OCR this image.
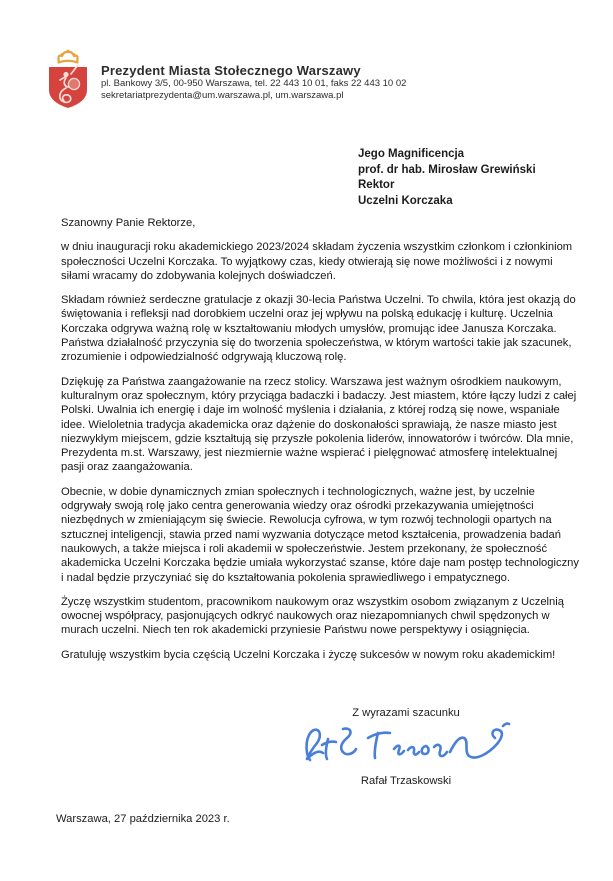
Prezydent Miasta Stołecznego Warszawy
pl. Bankowy 3/5, 00-950 Warszawa, tel. 22 443 10 01, faks 22 443 10 02
sekretariatprezydenta@um.warszawa.pl, um.warszawa.pl
Jego Magnificencja
prof. dr hab. Mirosław Grewiński
Rektor
Uczelni Korczaka
Szanowny Panie Rektorze,

w dniu inauguracji roku akademickiego 2023/2024 składam życzenia wszystkim członkom i członkiniom społeczności Uczelni Korczaka. To wyjątkowy czas, kiedy otwierają się nowe możliwości i z nowymi siłami wracamy do zdobywania kolejnych doświadczeń.

Składam również serdeczne gratulacje z okazji 30-lecia Państwa Uczelni. To chwila, która jest okazją do świętowania i refleksji nad dorobkiem uczelni oraz jej wpływu na polską edukację i kulturę. Uczelnia Korczaka odgrywa ważną rolę w kształtowaniu młodych umysłów, promując idee Janusza Korczaka. Państwa działalność przyczynia się do tworzenia społeczeństwa, w którym wartości takie jak szacunek, zrozumienie i odpowiedzialność odgrywają kluczową rolę.

Dziękuję za Państwa zaangażowanie na rzecz stolicy. Warszawa jest ważnym ośrodkiem naukowym, kulturalnym oraz społecznym, który przyciąga badaczki i badaczy. Jest miastem, które łączy ludzi z całej Polski. Uwalnia ich energię i daje im wolność myślenia i działania, z której rodzą się nowe, wspaniałe idee. Wieloletnia tradycja akademicka oraz dążenie do doskonałości sprawiają, że nasze miasto jest niezwykłym miejscem, gdzie kształtują się przyszłe pokolenia liderów, innowatorów i twórców. Dla mnie, Prezydenta m.st. Warszawy, jest niezmiernie ważne wspierać i pielęgnować atmosferę intelektualnej pasji oraz zaangażowania.

Obecnie, w dobie dynamicznych zmian społecznych i technologicznych, ważne jest, by uczelnie odgrywały swoją rolę jako centra generowania wiedzy oraz ośrodki przekazywania umiejętności niezbędnych w zmieniającym się świecie. Rewolucja cyfrowa, w tym rozwój technologii opartych na sztucznej inteligencji, stawia przed nami wyzwania dotyczące metod kształcenia, prowadzenia badań naukowych, a także miejsca i roli akademii w społeczeństwie. Jestem przekonany, że społeczność akademicka Uczelni Korczaka będzie umiała wykorzystać szanse, które daje nam postęp technologiczny i nadal będzie przyczyniać się do kształtowania pokolenia sprawiedliwego i empatycznego.

Życzę wszystkim studentom, pracownikom naukowym oraz wszystkim osobom związanym z Uczelnią owocnej współpracy, pasjonujących odkryć naukowych oraz niezapomnianych chwil spędzonych w murach uczelni. Niech ten rok akademicki przyniesie Państwu nowe perspektywy i osiągnięcia.

Gratuluję wszystkim bycia częścią Uczelni Korczaka i życzę sukcesów w nowym roku akademickim!

Z wyrazami szacunku
Rafał Trzaskowski
Warszawa, 27 października 2023 r.
